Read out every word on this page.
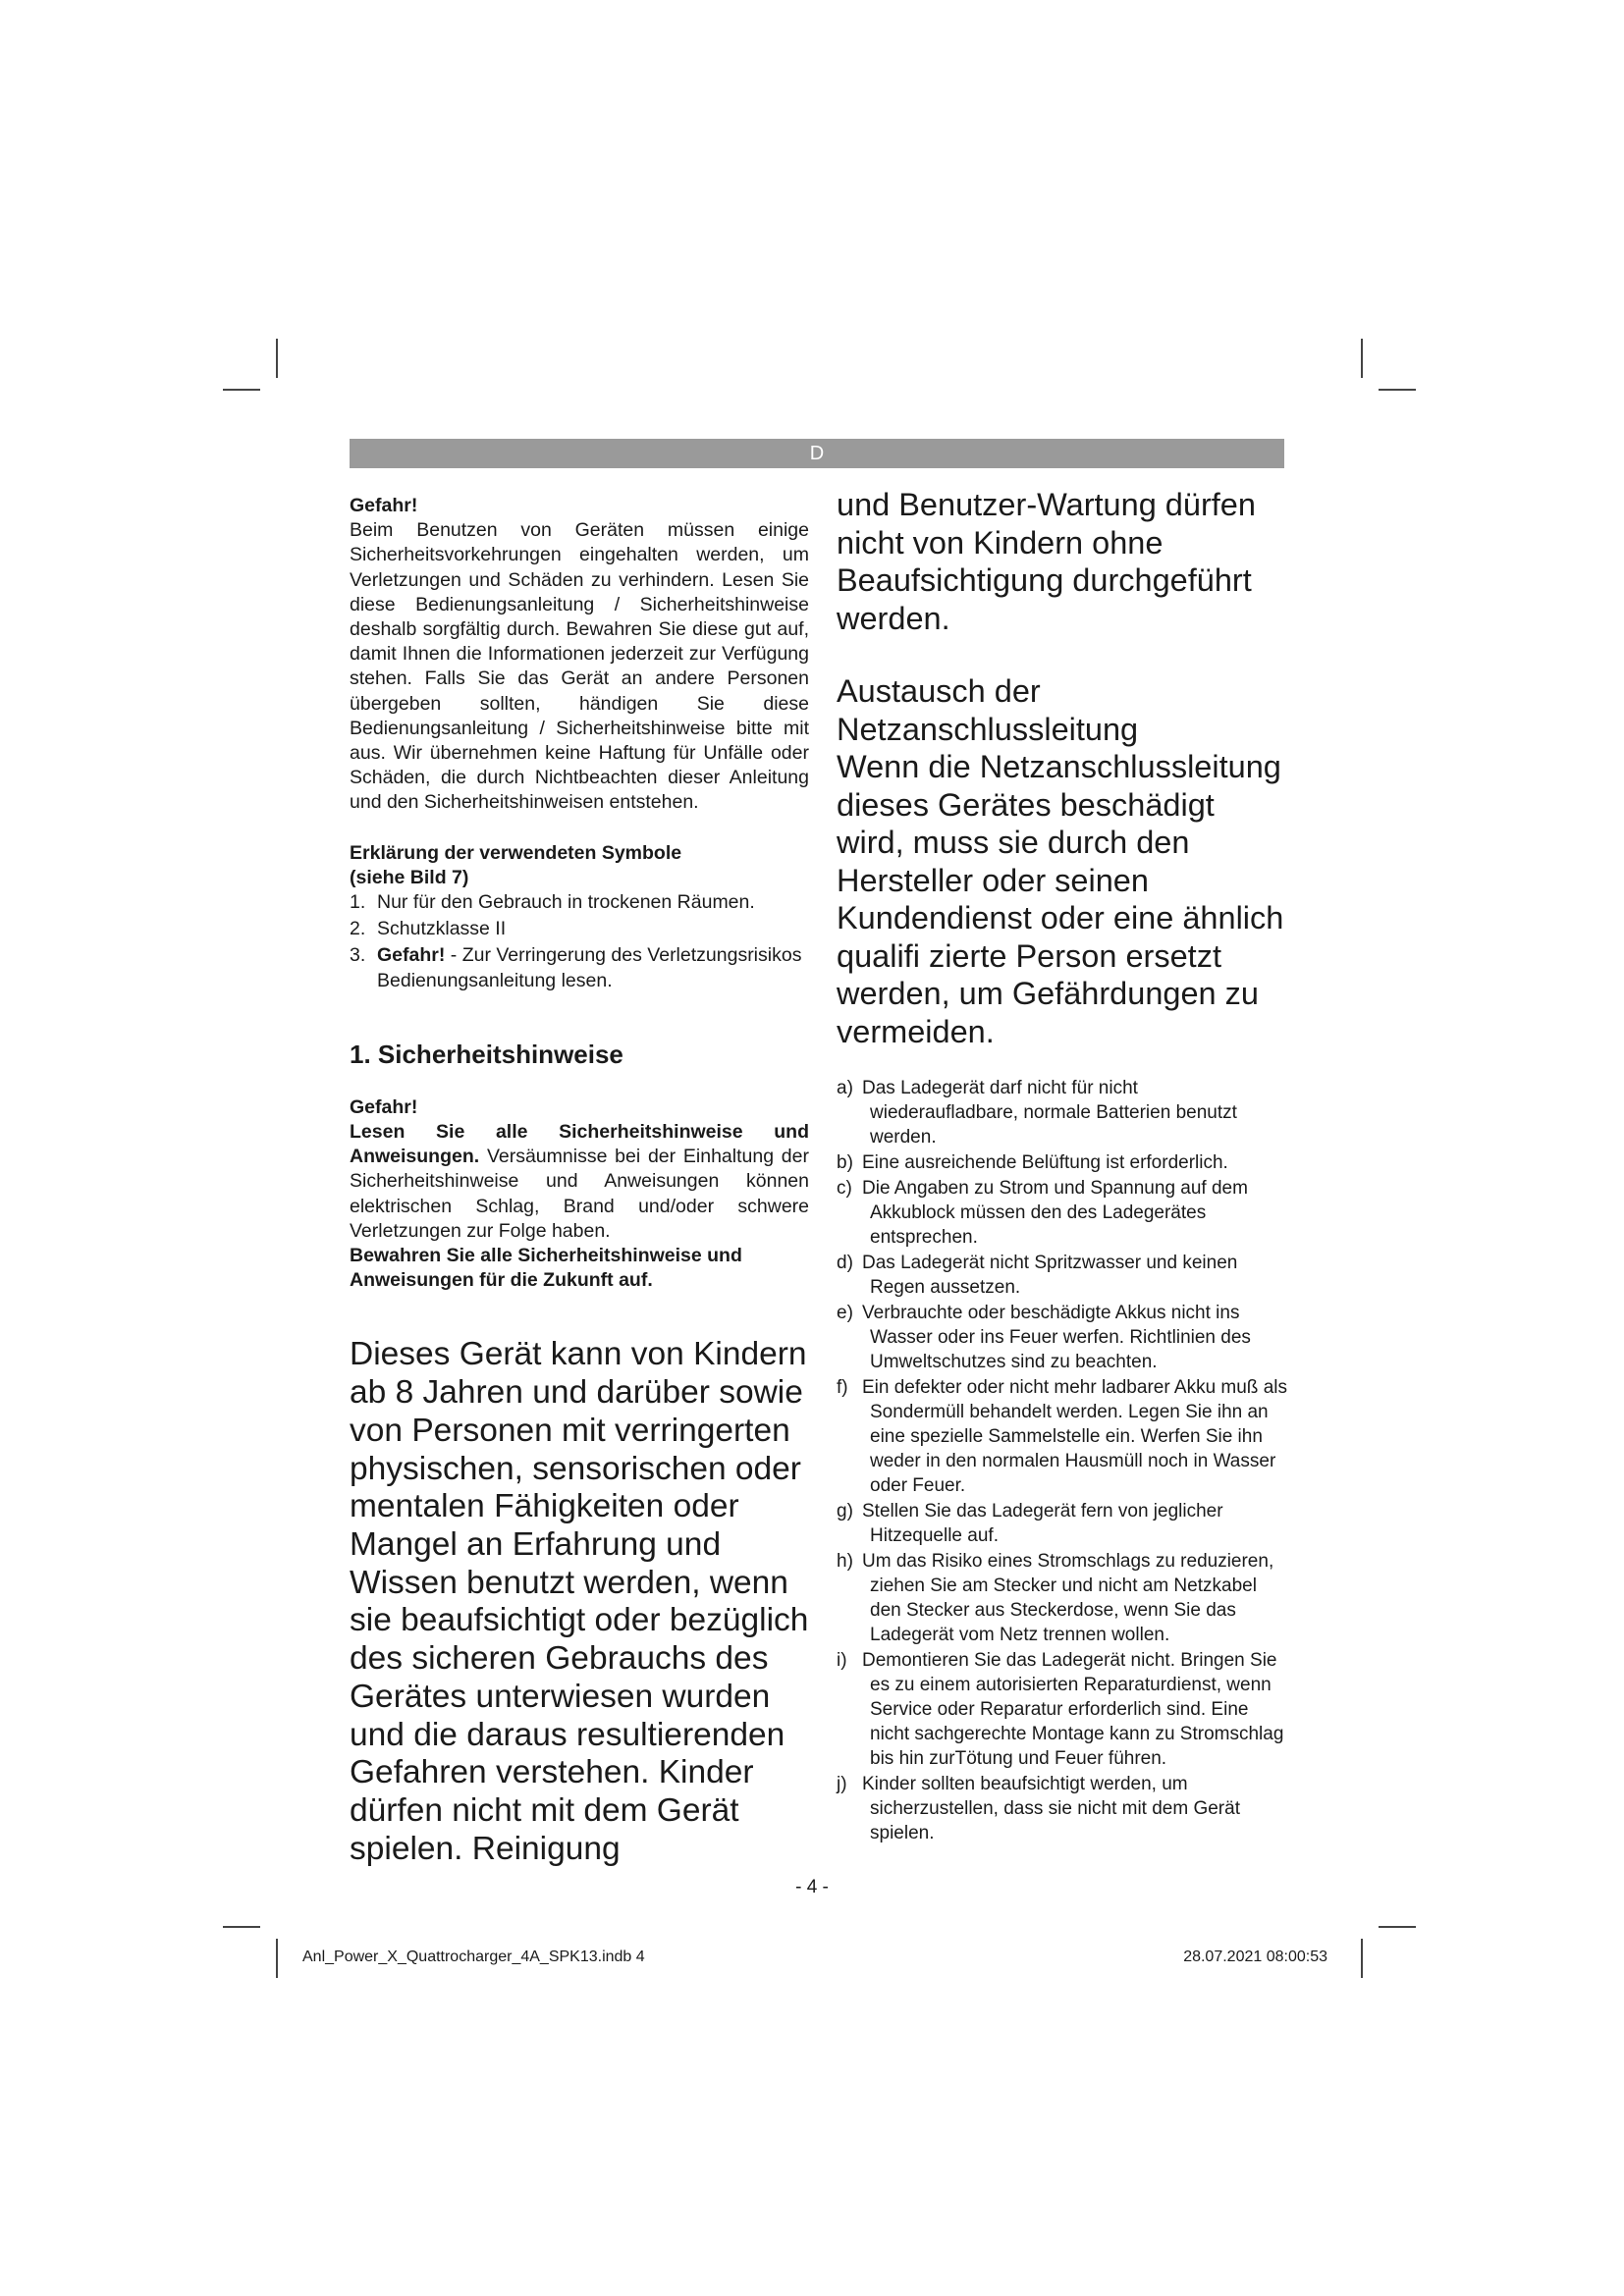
D

Gefahr!

Beim Benutzen von Geräten müssen einige Sicherheitsvorkehrungen eingehalten werden, um Verletzungen und Schäden zu verhindern. Lesen Sie diese Bedienungsanleitung / Sicherheitshinweise deshalb sorgfältig durch. Bewahren Sie diese gut auf, damit Ihnen die Informationen jederzeit zur Verfügung stehen. Falls Sie das Gerät an andere Personen übergeben sollten, händigen Sie diese Bedienungsanleitung / Sicherheitshinweise bitte mit aus. Wir übernehmen keine Haftung für Unfälle oder Schäden, die durch Nichtbeachten dieser Anleitung und den Sicherheitshinweisen entstehen.

Erklärung der verwendeten Symbole

(siehe Bild 7)

1. Nur für den Gebrauch in trockenen Räumen.
2. Schutzklasse II
3. Gefahr! - Zur Verringerung des Verletzungsrisikos Bedienungsanleitung lesen.

1. Sicherheitshinweise

Gefahr!

Lesen Sie alle Sicherheitshinweise und Anweisungen. Versäumnisse bei der Einhaltung der Sicherheitshinweise und Anweisungen können elektrischen Schlag, Brand und/oder schwere Verletzungen zur Folge haben.

Bewahren Sie alle Sicherheitshinweise und Anweisungen für die Zukunft auf.

Dieses Gerät kann von Kindern ab 8 Jahren und darüber sowie von Personen mit verringerten physischen, sensorischen oder mentalen Fähigkeiten oder Mangel an Erfahrung und Wissen benutzt werden, wenn sie beaufsichtigt oder bezüglich des sicheren Gebrauchs des Gerätes unterwiesen wurden und die daraus resultierenden Gefahren verstehen. Kinder dürfen nicht mit dem Gerät spielen. Reinigung

und Benutzer-Wartung dürfen nicht von Kindern ohne Beaufsichtigung durchgeführt werden.

Austausch der Netzanschlussleitung

Wenn die Netzanschlussleitung dieses Gerätes beschädigt wird, muss sie durch den Hersteller oder seinen Kundendienst oder eine ähnlich qualifi zierte Person ersetzt werden, um Gefährdungen zu vermeiden.

a) Das Ladegerät darf nicht für nicht wiederaufladbare, normale Batterien benutzt werden.
b) Eine ausreichende Belüftung ist erforderlich.
c) Die Angaben zu Strom und Spannung auf dem Akkublock müssen den des Ladegerätes entsprechen.
d) Das Ladegerät nicht Spritzwasser und keinen Regen aussetzen.
e) Verbrauchte oder beschädigte Akkus nicht ins Wasser oder ins Feuer werfen. Richtlinien des Umweltschutzes sind zu beachten.
f) Ein defekter oder nicht mehr ladbarer Akku muß als Sondermüll behandelt werden. Legen Sie ihn an eine spezielle Sammelstelle ein. Werfen Sie ihn weder in den normalen Hausmüll noch in Wasser oder Feuer.
g) Stellen Sie das Ladegerät fern von jeglicher Hitzequelle auf.
h) Um das Risiko eines Stromschlags zu reduzieren, ziehen Sie am Stecker und nicht am Netzkabel den Stecker aus Steckerdose, wenn Sie das Ladegerät vom Netz trennen wollen.
i) Demontieren Sie das Ladegerät nicht. Bringen Sie es zu einem autorisierten Reparaturdienst, wenn Service oder Reparatur erforderlich sind. Eine nicht sachgerechte Montage kann zu Stromschlag bis hin zurTötung und Feuer führen.
j) Kinder sollten beaufsichtigt werden, um sicherzustellen, dass sie nicht mit dem Gerät spielen.
- 4 -
Anl_Power_X_Quattrocharger_4A_SPK13.indb 4	28.07.2021 08:00:53
